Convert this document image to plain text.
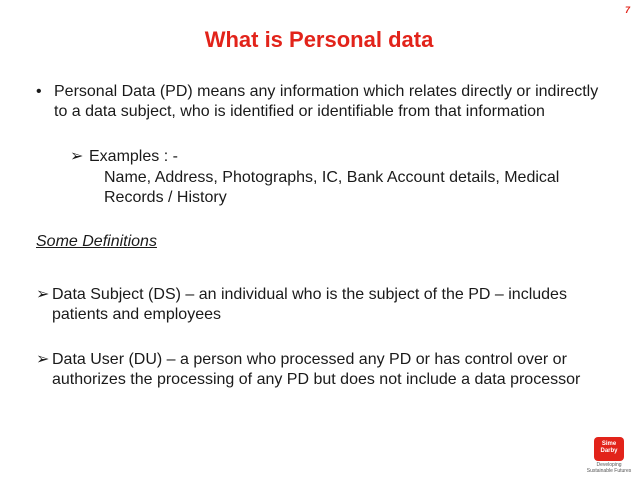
7
What is Personal data
• Personal Data (PD) means any information which relates directly or indirectly to a data subject, who is identified or identifiable from that information
➢ Examples : -
Name, Address, Photographs, IC, Bank Account details, Medical Records / History
Some Definitions
➢ Data Subject (DS) – an individual who is the subject of the PD – includes patients and employees
➢ Data User (DU) – a person who processed any PD or has control over or authorizes the processing of any PD but does not include a data processor
Sime Darby
Developing Sustainable Futures
